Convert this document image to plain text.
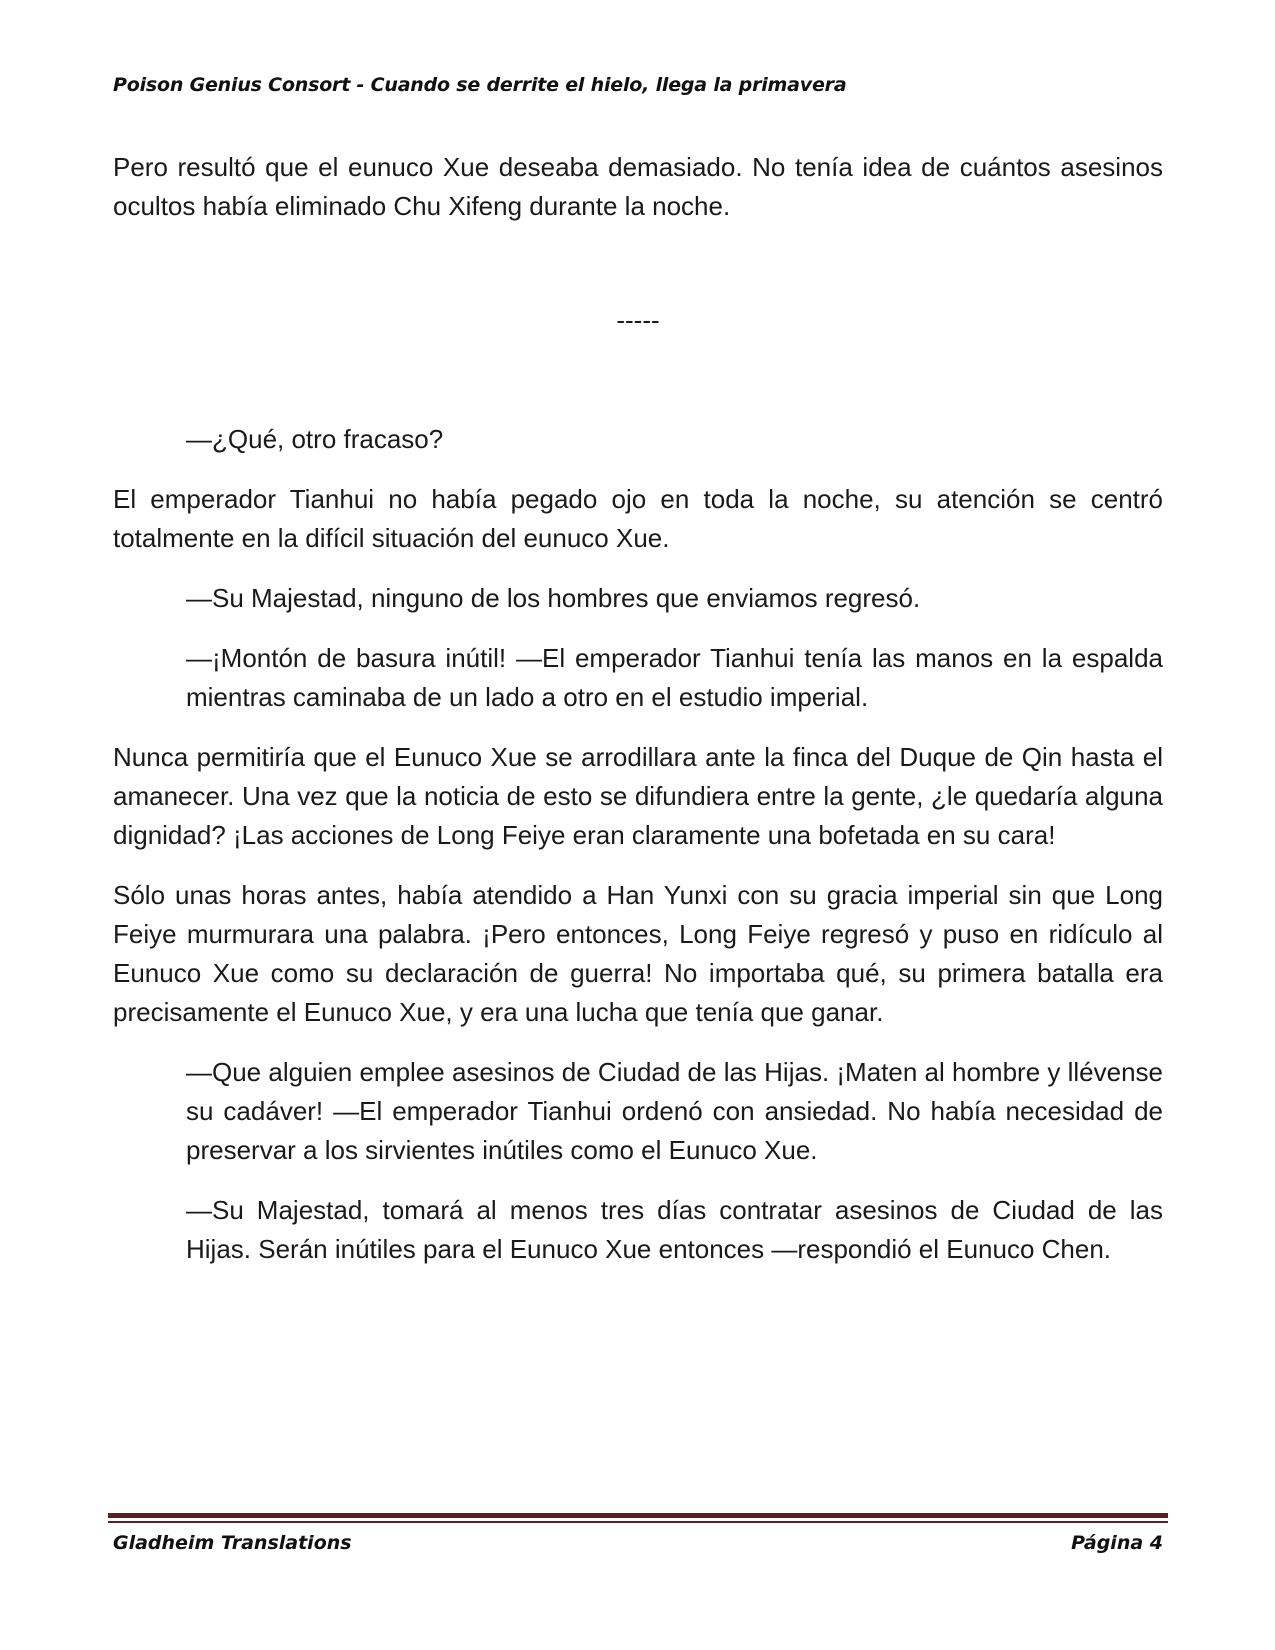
Poison Genius Consort - Cuando se derrite el hielo, llega la primavera

Pero resultó que el eunuco Xue deseaba demasiado. No tenía idea de cuántos asesinos ocultos había eliminado Chu Xifeng durante la noche.

-----

—¿Qué, otro fracaso?

El emperador Tianhui no había pegado ojo en toda la noche, su atención se centró totalmente en la difícil situación del eunuco Xue.

—Su Majestad, ninguno de los hombres que enviamos regresó.

—¡Montón de basura inútil! —El emperador Tianhui tenía las manos en la espalda mientras caminaba de un lado a otro en el estudio imperial.

Nunca permitiría que el Eunuco Xue se arrodillara ante la finca del Duque de Qin hasta el amanecer. Una vez que la noticia de esto se difundiera entre la gente, ¿le quedaría alguna dignidad? ¡Las acciones de Long Feiye eran claramente una bofetada en su cara!

Sólo unas horas antes, había atendido a Han Yunxi con su gracia imperial sin que Long Feiye murmurara una palabra. ¡Pero entonces, Long Feiye regresó y puso en ridículo al Eunuco Xue como su declaración de guerra! No importaba qué, su primera batalla era precisamente el Eunuco Xue, y era una lucha que tenía que ganar.

—Que alguien emplee asesinos de Ciudad de las Hijas. ¡Maten al hombre y llévense su cadáver! —El emperador Tianhui ordenó con ansiedad. No había necesidad de preservar a los sirvientes inútiles como el Eunuco Xue.

—Su Majestad, tomará al menos tres días contratar asesinos de Ciudad de las Hijas. Serán inútiles para el Eunuco Xue entonces —respondió el Eunuco Chen.

Gladheim Translations	Página 4
